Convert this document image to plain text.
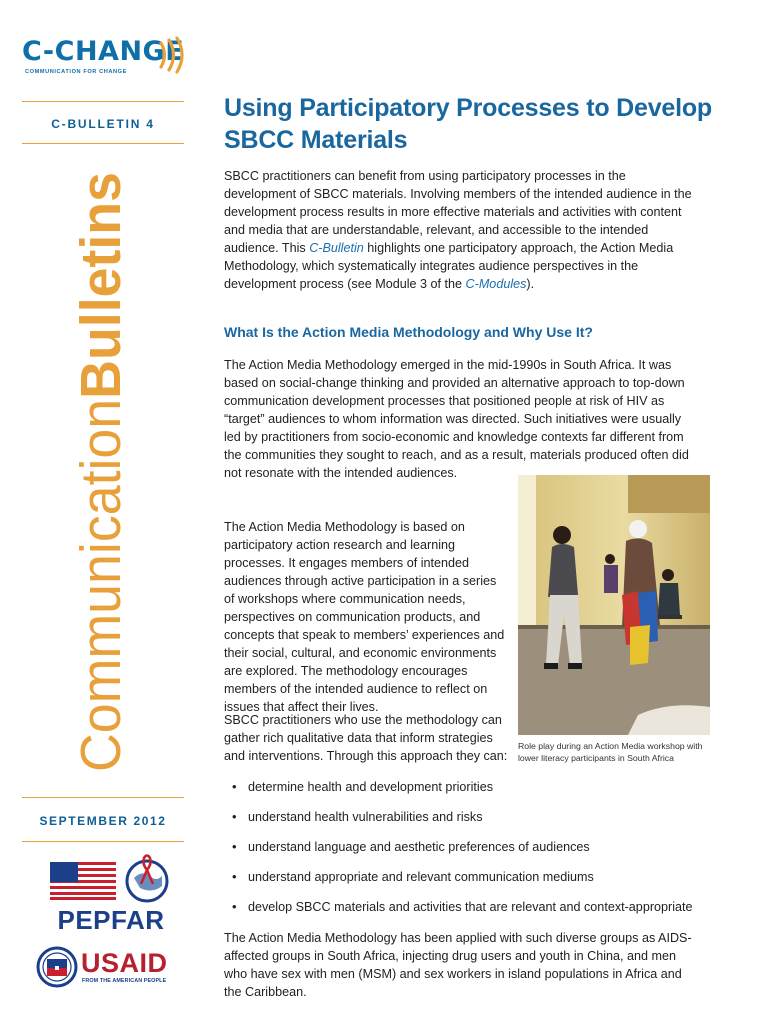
C-CHANGE
COMMUNICATION FOR CHANGE
C-BULLETIN 4
CommunicationBulletins
SEPTEMBER 2012
PEPFAR
USAID
FROM THE AMERICAN PEOPLE
Using Participatory Processes to Develop SBCC Materials

SBCC practitioners can benefit from using participatory processes in the development of SBCC materials. Involving members of the intended audience in the development process results in more effective materials and activities with content and media that are understandable, relevant, and accessible to the intended audience. This C-Bulletin highlights one participatory approach, the Action Media Methodology, which systematically integrates audience perspectives in the development process (see Module 3 of the C-Modules).

What Is the Action Media Methodology and Why Use It?

The Action Media Methodology emerged in the mid-1990s in South Africa. It was based on social-change thinking and provided an alternative approach to top-down communication development processes that positioned people at risk of HIV as “target” audiences to whom information was directed. Such initiatives were usually led by practitioners from socio-economic and knowledge contexts far different from the communities they sought to reach, and as a result, materials produced often did not resonate with the intended audiences.

Role play during an Action Media workshop with lower literacy participants in South Africa

The Action Media Methodology is based on participatory action research and learning processes. It engages members of intended audiences through active participation in a series of workshops where communication needs, perspectives on communication products, and concepts that speak to members’ experiences and their social, cultural, and economic environments are explored. The methodology encourages members of the intended audience to reflect on issues that affect their lives.

SBCC practitioners who use the methodology can gather rich qualitative data that inform strategies and interventions. Through this approach they can:

• determine health and development priorities
• understand health vulnerabilities and risks
• understand language and aesthetic preferences of audiences
• understand appropriate and relevant communication mediums
• develop SBCC materials and activities that are relevant and context-appropriate

The Action Media Methodology has been applied with such diverse groups as AIDS-affected groups in South Africa, injecting drug users and youth in China, and men who have sex with men (MSM) and sex workers in island populations in Africa and the Caribbean.
